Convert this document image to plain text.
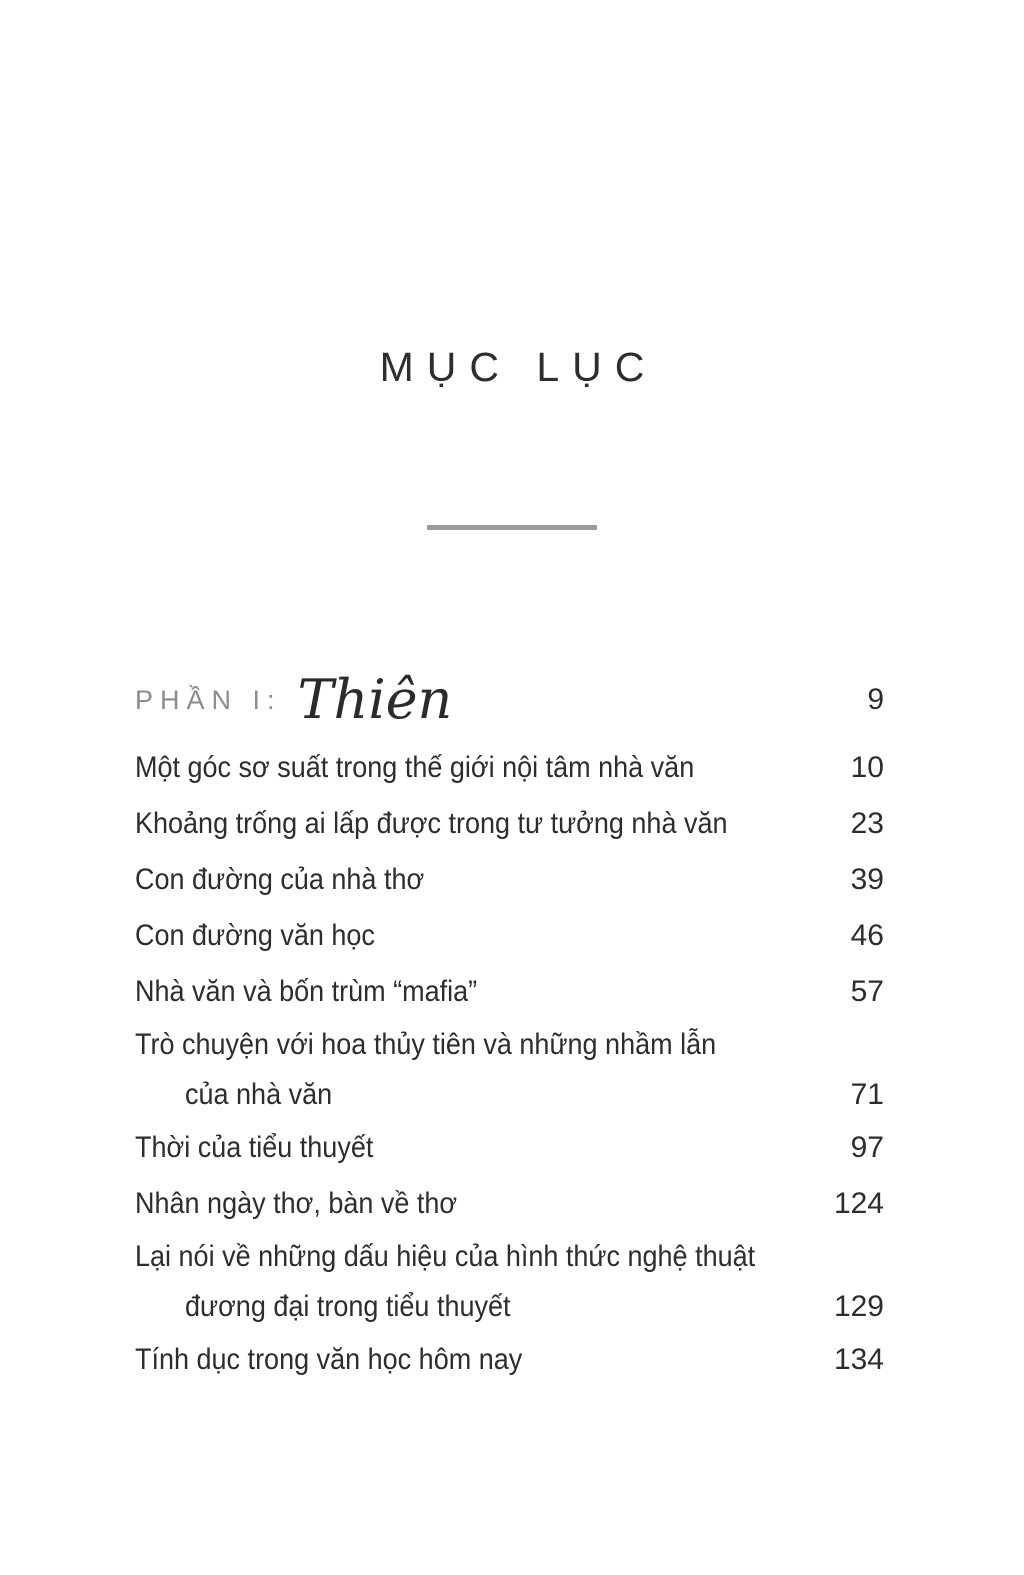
MỤC LỤC
PHẦN I: Thiên	9
Một góc sơ suất trong thế giới nội tâm nhà văn	10
Khoảng trống ai lấp được trong tư tưởng nhà văn	23
Con đường của nhà thơ	39
Con đường văn học	46
Nhà văn và bốn trùm “mafia”	57
Trò chuyện với hoa thủy tiên và những nhầm lẫn
của nhà văn	71
Thời của tiểu thuyết	97
Nhân ngày thơ, bàn về thơ	124
Lại nói về những dấu hiệu của hình thức nghệ thuật
đương đại trong tiểu thuyết	129
Tính dục trong văn học hôm nay	134
